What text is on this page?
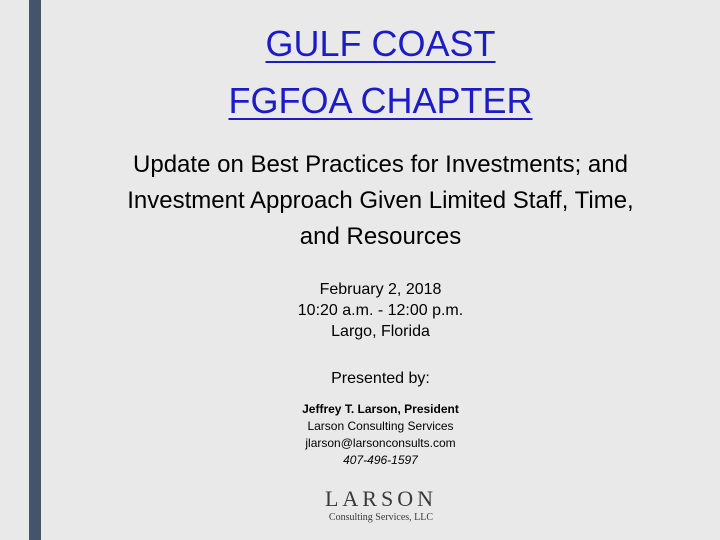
GULF COAST
FGFOA CHAPTER
Update on Best Practices for Investments; and
Investment Approach Given Limited Staff, Time,
and Resources
February 2, 2018
10:20 a.m. - 12:00 p.m.
Largo, Florida
Presented by:
Jeffrey T. Larson, President
Larson Consulting Services
jlarson@larsonconsults.com
407-496-1597
LARSON
Consulting Services, LLC
